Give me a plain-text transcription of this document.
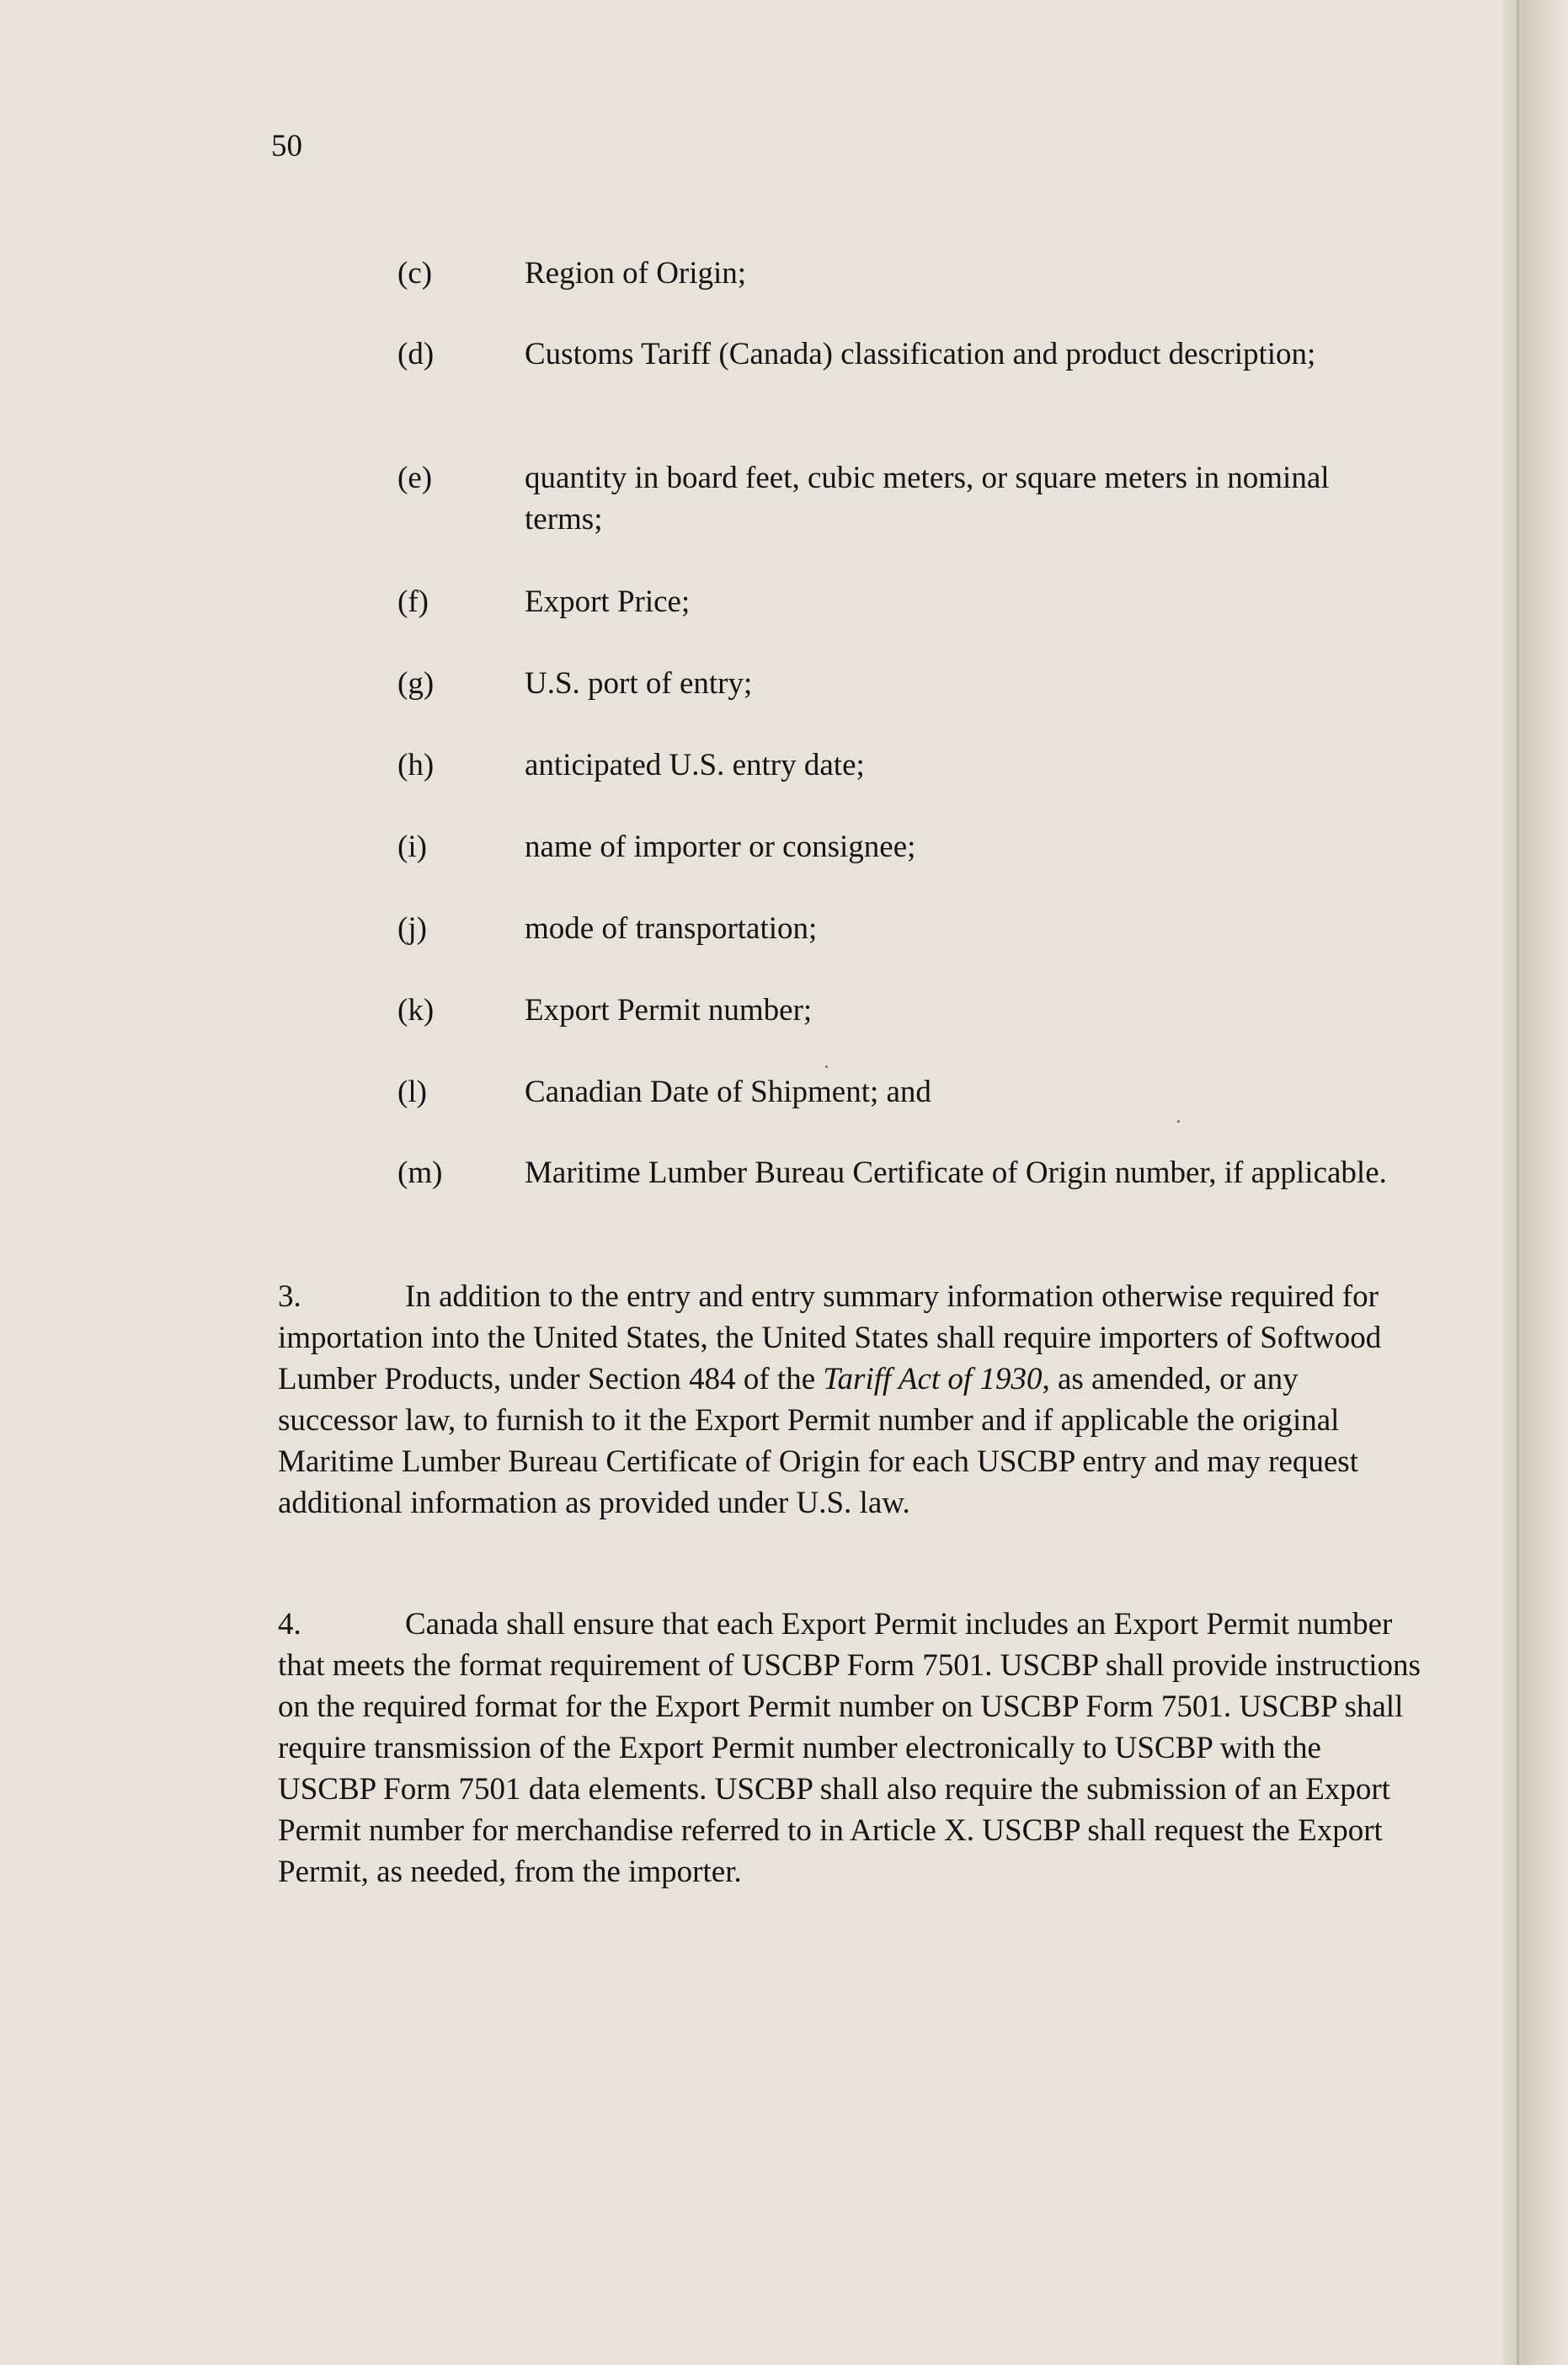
50
(c)	Region of Origin;
(d)	Customs Tariff (Canada) classification and product description;
(e)	quantity in board feet, cubic meters, or square meters in nominal terms;
(f)	Export Price;
(g)	U.S. port of entry;
(h)	anticipated U.S. entry date;
(i)	name of importer or consignee;
(j)	mode of transportation;
(k)	Export Permit number;
(l)	Canadian Date of Shipment; and
(m)	Maritime Lumber Bureau Certificate of Origin number, if applicable.
3.	In addition to the entry and entry summary information otherwise required for importation into the United States, the United States shall require importers of Softwood Lumber Products, under Section 484 of the Tariff Act of 1930, as amended, or any successor law, to furnish to it the Export Permit number and if applicable the original Maritime Lumber Bureau Certificate of Origin for each USCBP entry and may request additional information as provided under U.S. law.
4.	Canada shall ensure that each Export Permit includes an Export Permit number that meets the format requirement of USCBP Form 7501. USCBP shall provide instructions on the required format for the Export Permit number on USCBP Form 7501. USCBP shall require transmission of the Export Permit number electronically to USCBP with the USCBP Form 7501 data elements. USCBP shall also require the submission of an Export Permit number for merchandise referred to in Article X. USCBP shall request the Export Permit, as needed, from the importer.
